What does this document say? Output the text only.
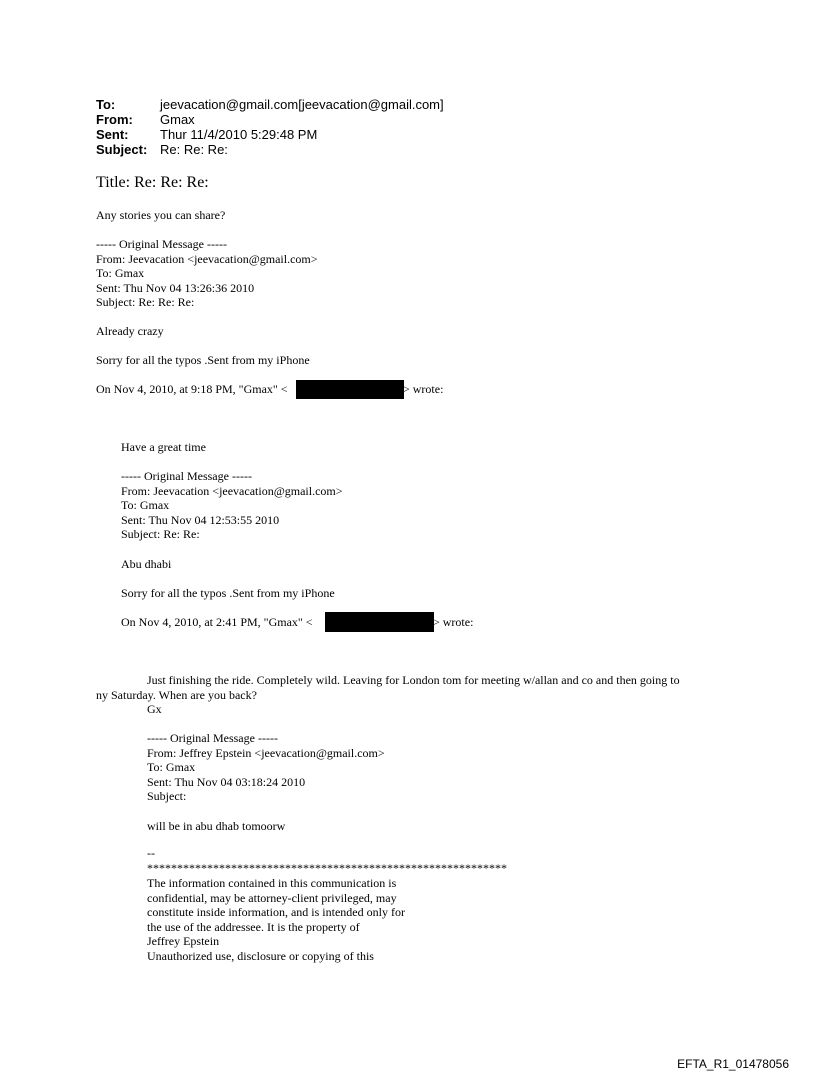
To:	jeevacation@gmail.com[jeevacation@gmail.com]
From: Gmax
Sent: Thur 11/4/2010 5:29:48 PM
Subject: Re: Re: Re:
Title: Re: Re: Re:
Any stories you can share?
----- Original Message -----
From: Jeevacation <jeevacation@gmail.com>
To: Gmax
Sent: Thu Nov 04 13:26:36 2010
Subject: Re: Re: Re:
Already crazy
Sorry for all the typos .Sent from my iPhone
On Nov 4, 2010, at 9:18 PM, "Gmax" <	> wrote:
Have a great time
----- Original Message -----
From: Jeevacation <jeevacation@gmail.com>
To: Gmax
Sent: Thu Nov 04 12:53:55 2010
Subject: Re: Re:
Abu dhabi
Sorry for all the typos .Sent from my iPhone
On Nov 4, 2010, at 2:41 PM, "Gmax" <	> wrote:
Just finishing the ride. Completely wild. Leaving for London tom for meeting w/allan and co and then going to
ny Saturday. When are you back?
Gx
----- Original Message -----
From: Jeffrey Epstein <jeevacation@gmail.com>
To: Gmax
Sent: Thu Nov 04 03:18:24 2010
Subject:
will be in abu dhab tomoorw
--
************************************************************
The information contained in this communication is
confidential, may be attorney-client privileged, may
constitute inside information, and is intended only for
the use of the addressee. It is the property of
Jeffrey Epstein
Unauthorized use, disclosure or copying of this
EFTA_R1_01478056
